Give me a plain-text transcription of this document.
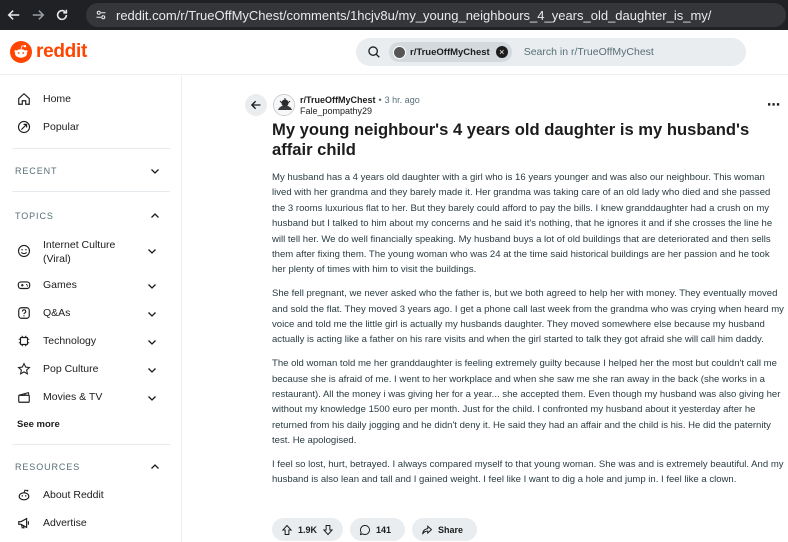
reddit.com/r/TrueOffMyChest/comments/1hcjv8u/my_young_neighbours_4_years_old_daughter_is_my/
reddit	r/TrueOffMyChest	×	Search in r/TrueOffMyChest
Home
Popular
RECENT
TOPICS
Internet Culture
(Viral)
Games
Q&As
Technology
Pop Culture
Movies & TV
See more
RESOURCES
About Reddit
Advertise
r/TrueOffMyChest • 3 hr. ago
Fale_pompathy29	⋯
My young neighbour's 4 years old daughter is my husband's affair child

My husband has a 4 years old daughter with a girl who is 16 years younger and was also our neighbour. This woman lived with her grandma and they barely made it. Her grandma was taking care of an old lady who died and she passed the 3 rooms luxurious flat to her. But they barely could afford to pay the bills. I knew granddaughter had a crush on my husband but I talked to him about my concerns and he said it's nothing, that he ignores it and if she crosses the line he will tell her. We do well financially speaking. My husband buys a lot of old buildings that are deteriorated and then sells them after fixing them. The young woman who was 24 at the time said historical buildings are her passion and he took her plenty of times with him to visit the buildings.

She fell pregnant, we never asked who the father is, but we both agreed to help her with money. They eventually moved and sold the flat. They moved 3 years ago. I get a phone call last week from the grandma who was crying when heard my voice and told me the little girl is actually my husbands daughter. They moved somewhere else because my husband actually is acting like a father on his rare visits and when the girl started to talk they got afraid she will call him daddy.

The old woman told me her granddaughter is feeling extremely guilty because I helped her the most but couldn't call me because she is afraid of me. I went to her workplace and when she saw me she ran away in the back (she works in a restaurant). All the money i was giving her for a year... she accepted them. Even though my husband was also giving her without my knowledge 1500 euro per month. Just for the child. I confronted my husband about it yesterday after he returned from his daily jogging and he didn't deny it. He said they had an affair and the child is his. He did the paternity test. He apologised.

I feel so lost, hurt, betrayed. I always compared myself to that young woman. She was and is extremely beautiful. And my husband is also lean and tall and I gained weight. I feel like I want to dig a hole and jump in. I feel like a clown.

1.9K	141	Share
